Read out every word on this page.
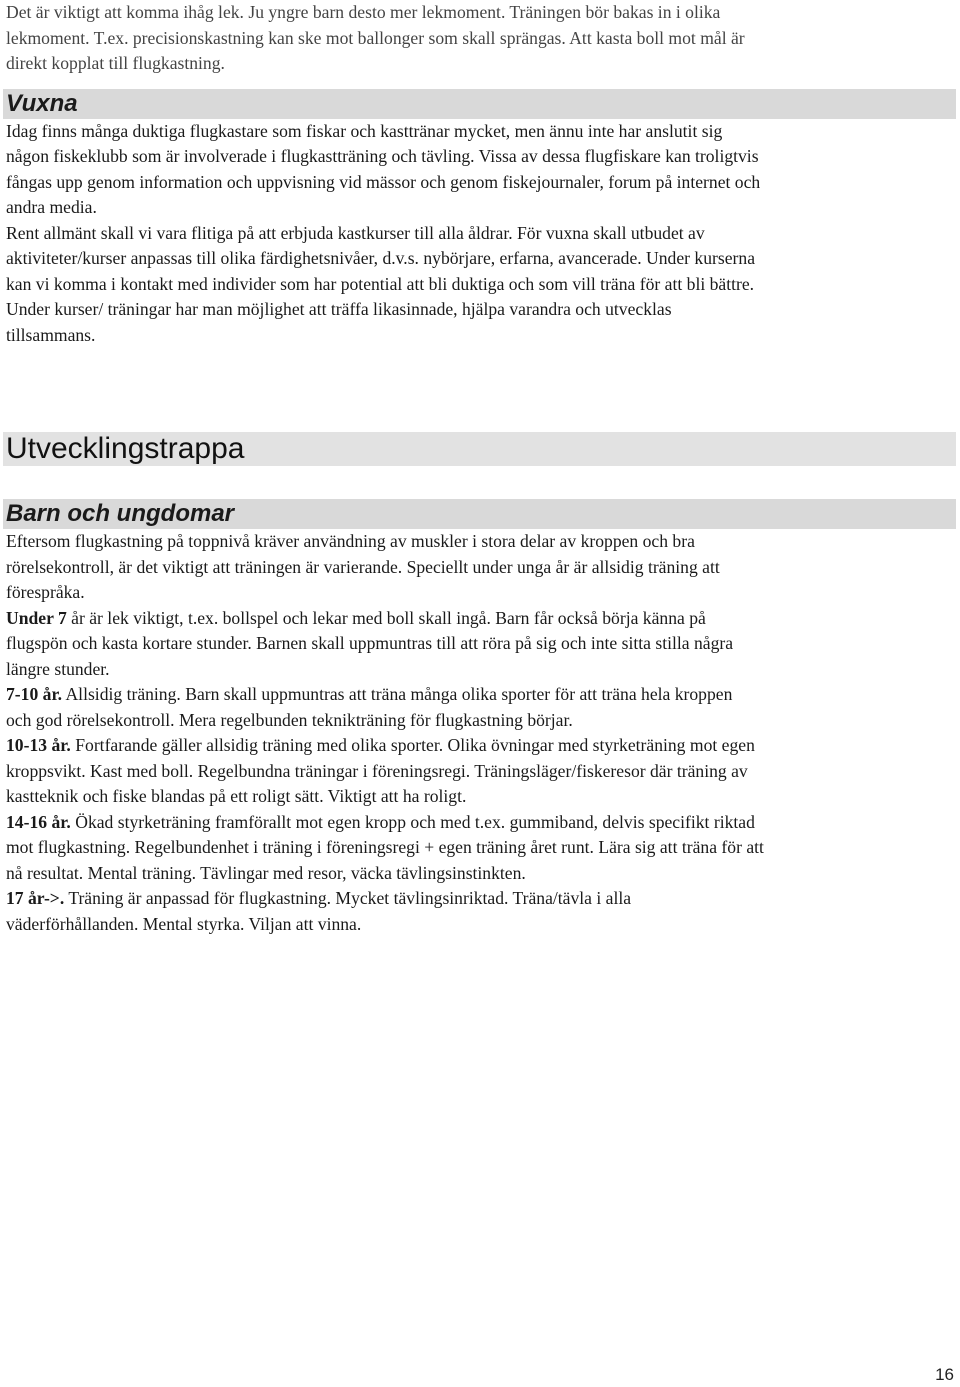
Det är viktigt att komma ihåg lek. Ju yngre barn desto mer lekmoment. Träningen bör bakas in i olika
lekmoment. T.ex. precisionskastning kan ske mot ballonger som skall sprängas. Att kasta boll mot mål är
direkt kopplat till flugkastning.
Vuxna
Idag finns många duktiga flugkastare som fiskar och kasttränar mycket, men ännu inte har anslutit sig
någon fiskeklubb som är involverade i flugkastträning och tävling. Vissa av dessa flugfiskare kan troligtvis
fångas upp genom information och uppvisning vid mässor och genom fiskejournaler, forum på internet och
andra media.
Rent allmänt skall vi vara flitiga på att erbjuda kastkurser till alla åldrar. För vuxna skall utbudet av
aktiviteter/kurser anpassas till olika färdighetsnivåer, d.v.s. nybörjare, erfarna, avancerade. Under kurserna
kan vi komma i kontakt med individer som har potential att bli duktiga och som vill träna för att bli bättre.
Under kurser/ träningar har man möjlighet att träffa likasinnade, hjälpa varandra och utvecklas
tillsammans.
Utvecklingstrappa
Barn och ungdomar
Eftersom flugkastning på toppnivå kräver användning av muskler i stora delar av kroppen och bra
rörelsekontroll, är det viktigt att träningen är varierande. Speciellt under unga år är allsidig träning att
förespråka.
Under 7 år är lek viktigt, t.ex. bollspel och lekar med boll skall ingå. Barn får också börja känna på
flugspön och kasta kortare stunder. Barnen skall uppmuntras till att röra på sig och inte sitta stilla några
längre stunder.
7-10 år. Allsidig träning. Barn skall uppmuntras att träna många olika sporter för att träna hela kroppen
och god rörelsekontroll. Mera regelbunden teknikträning för flugkastning börjar.
10-13 år. Fortfarande gäller allsidig träning med olika sporter. Olika övningar med styrketräning mot egen
kroppsvikt. Kast med boll. Regelbundna träningar i föreningsregi. Träningsläger/fiskeresor där träning av
kastteknik och fiske blandas på ett roligt sätt. Viktigt att ha roligt.
14-16 år. Ökad styrketräning framförallt mot egen kropp och med t.ex. gummiband, delvis specifikt riktad
mot flugkastning. Regelbundenhet i träning i föreningsregi + egen träning året runt. Lära sig att träna för att
nå resultat. Mental träning. Tävlingar med resor, väcka tävlingsinstinkten.
17 år->. Träning är anpassad för flugkastning. Mycket tävlingsinriktad. Träna/tävla i alla
väderförhållanden. Mental styrka. Viljan att vinna.
16
